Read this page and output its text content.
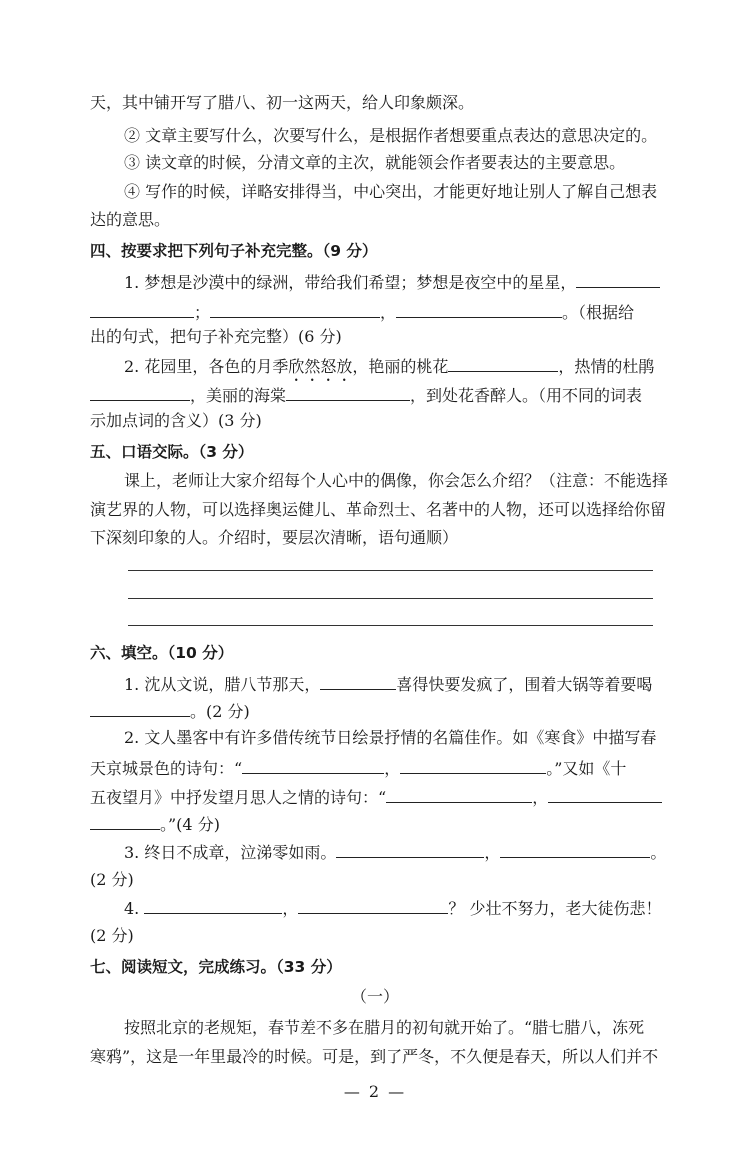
天，其中铺开写了腊八、初一这两天，给人印象颇深。
② 文章主要写什么，次要写什么，是根据作者想要重点表达的意思决定的。
③ 读文章的时候，分清文章的主次，就能领会作者要表达的主要意思。
④ 写作的时候，详略安排得当，中心突出，才能更好地让别人了解自己想表
达的意思。
四、按要求把下列句子补充完整。（9 分）
1. 梦想是沙漠中的绿洲，带给我们希望；梦想是夜空中的星星，
；	，	。（根据给
出的句式，把句子补充完整）(6 分)
2. 花园里，各色的月季欣然怒放，艳丽的桃花	，热情的杜鹃
，美丽的海棠	，到处花香醉人。（用不同的词表
示加点词的含义）(3 分)
五、口语交际。（3 分）
课上，老师让大家介绍每个人心中的偶像，你会怎么介绍？（注意：不能选择
演艺界的人物，可以选择奥运健儿、革命烈士、名著中的人物，还可以选择给你留
下深刻印象的人。介绍时，要层次清晰，语句通顺）
六、填空。（10 分）
1. 沈从文说，腊八节那天，	喜得快要发疯了，围着大锅等着要喝
。(2 分)
2. 文人墨客中有许多借传统节日绘景抒情的名篇佳作。如《寒食》中描写春
天京城景色的诗句：“	，	。”又如《十
五夜望月》中抒发望月思人之情的诗句：“	，
。”(4 分)
3. 终日不成章，泣涕零如雨。	，	。
(2 分)
4.	，	？ 少壮不努力，老大徒伤悲！
(2 分)
七、阅读短文，完成练习。（33 分）
（一）
按照北京的老规矩，春节差不多在腊月的初旬就开始了。“腊七腊八，冻死
寒鸦”，这是一年里最冷的时候。可是，到了严冬，不久便是春天，所以人们并不
— 2 —
